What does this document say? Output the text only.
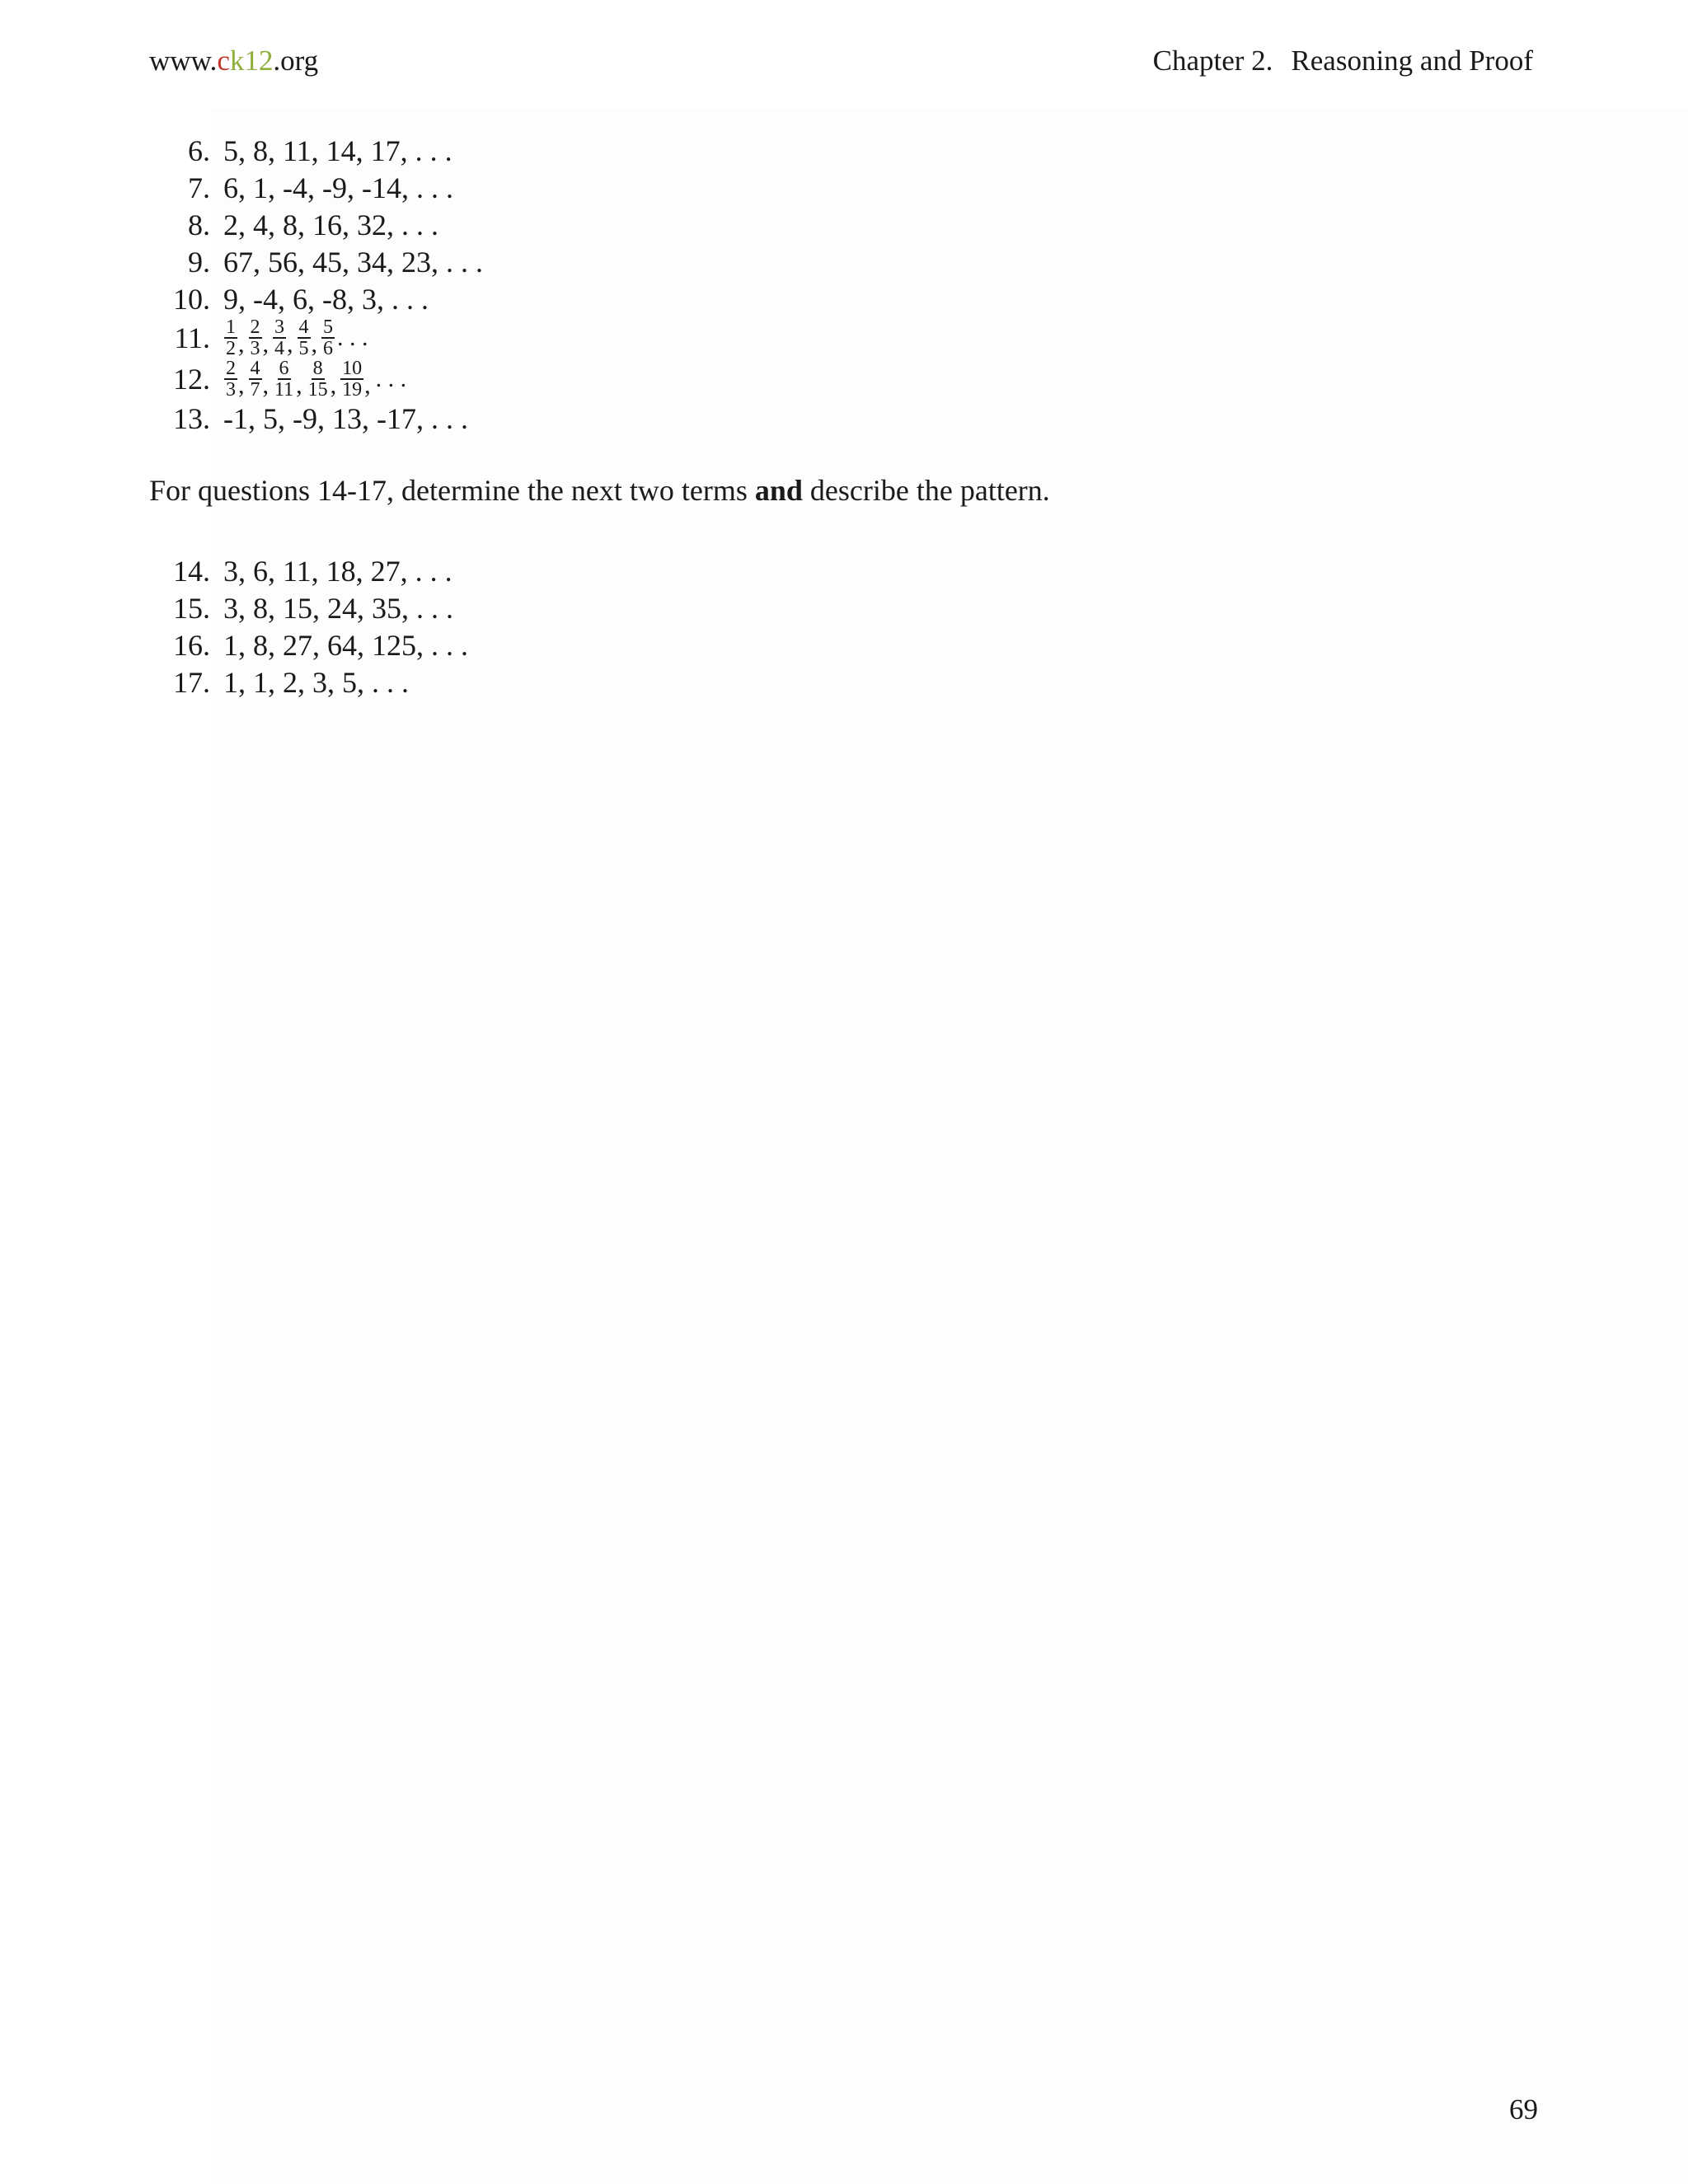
www.ck12.org	Chapter 2. Reasoning and Proof
6. 5, 8, 11, 14, 17, . . .
7. 6, 1, -4, -9, -14, . . .
8. 2, 4, 8, 16, 32, . . .
9. 67, 56, 45, 34, 23, . . .
10. 9, -4, 6, -8, 3, . . .
11. $\frac{1}{2}$ , $\frac{2}{3}$ , $\frac{3}{4}$ , $\frac{4}{5}$ , $\frac{5}{6}$ . . .
12. $\frac{2}{3}$ , $\frac{4}{7}$ , $\frac{6}{11}$ , $\frac{8}{15}$ , $\frac{10}{19}$ , . . .
13. -1, 5, -9, 13, -17, . . .

For questions 14-17, determine the next two terms and describe the pattern.

14. 3, 6, 11, 18, 27, . . .
15. 3, 8, 15, 24, 35, . . .
16. 1, 8, 27, 64, 125, . . .
17. 1, 1, 2, 3, 5, . . .
69
